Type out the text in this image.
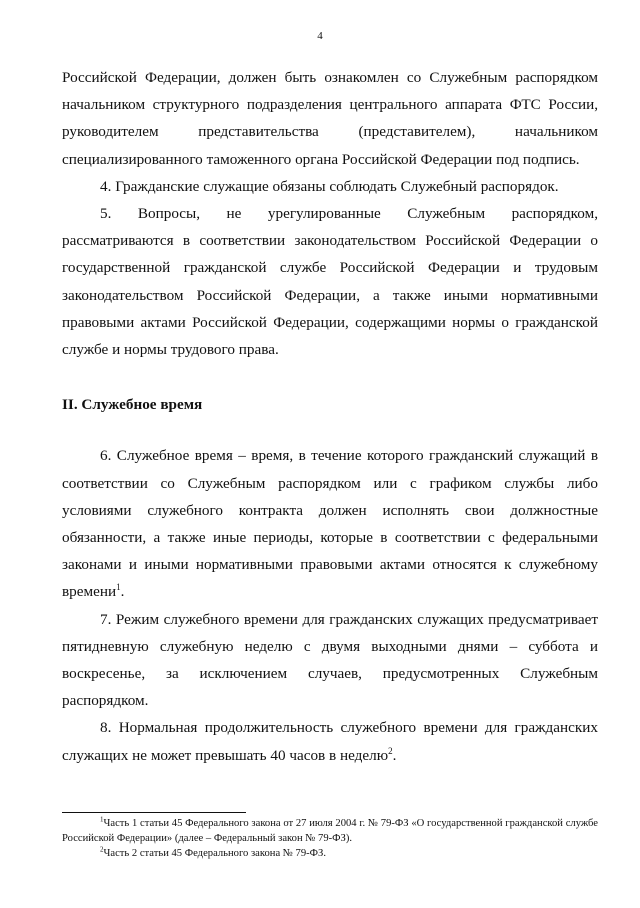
4

Российской Федерации, должен быть ознакомлен со Служебным распорядком начальником структурного подразделения центрального аппарата ФТС России, руководителем представительства (представителем), начальником специализированного таможенного органа Российской Федерации под подпись.

4. Гражданские служащие обязаны соблюдать Служебный распорядок.

5. Вопросы, не урегулированные Служебным распорядком, рассматриваются в соответствии законодательством Российской Федерации о государственной гражданской службе Российской Федерации и трудовым законодательством Российской Федерации, а также иными нормативными правовыми актами Российской Федерации, содержащими нормы о гражданской службе и нормы трудового права.

II. Служебное время

6. Служебное время – время, в течение которого гражданский служащий в соответствии со Служебным распорядком или с графиком службы либо условиями служебного контракта должен исполнять свои должностные обязанности, а также иные периоды, которые в соответствии с федеральными законами и иными нормативными правовыми актами относятся к служебному времени$^1$.

7. Режим служебного времени для гражданских служащих предусматривает пятидневную служебную неделю с двумя выходными днями – суббота и воскресенье, за исключением случаев, предусмотренных Служебным распорядком.

8. Нормальная продолжительность служебного времени для гражданских служащих не может превышать 40 часов в неделю$^2$.

$^1$Часть 1 статьи 45 Федерального закона от 27 июля 2004 г. № 79-ФЗ «О государственной гражданской службе Российской Федерации» (далее – Федеральный закон № 79-ФЗ).

$^2$Часть 2 статьи 45 Федерального закона № 79-ФЗ.
